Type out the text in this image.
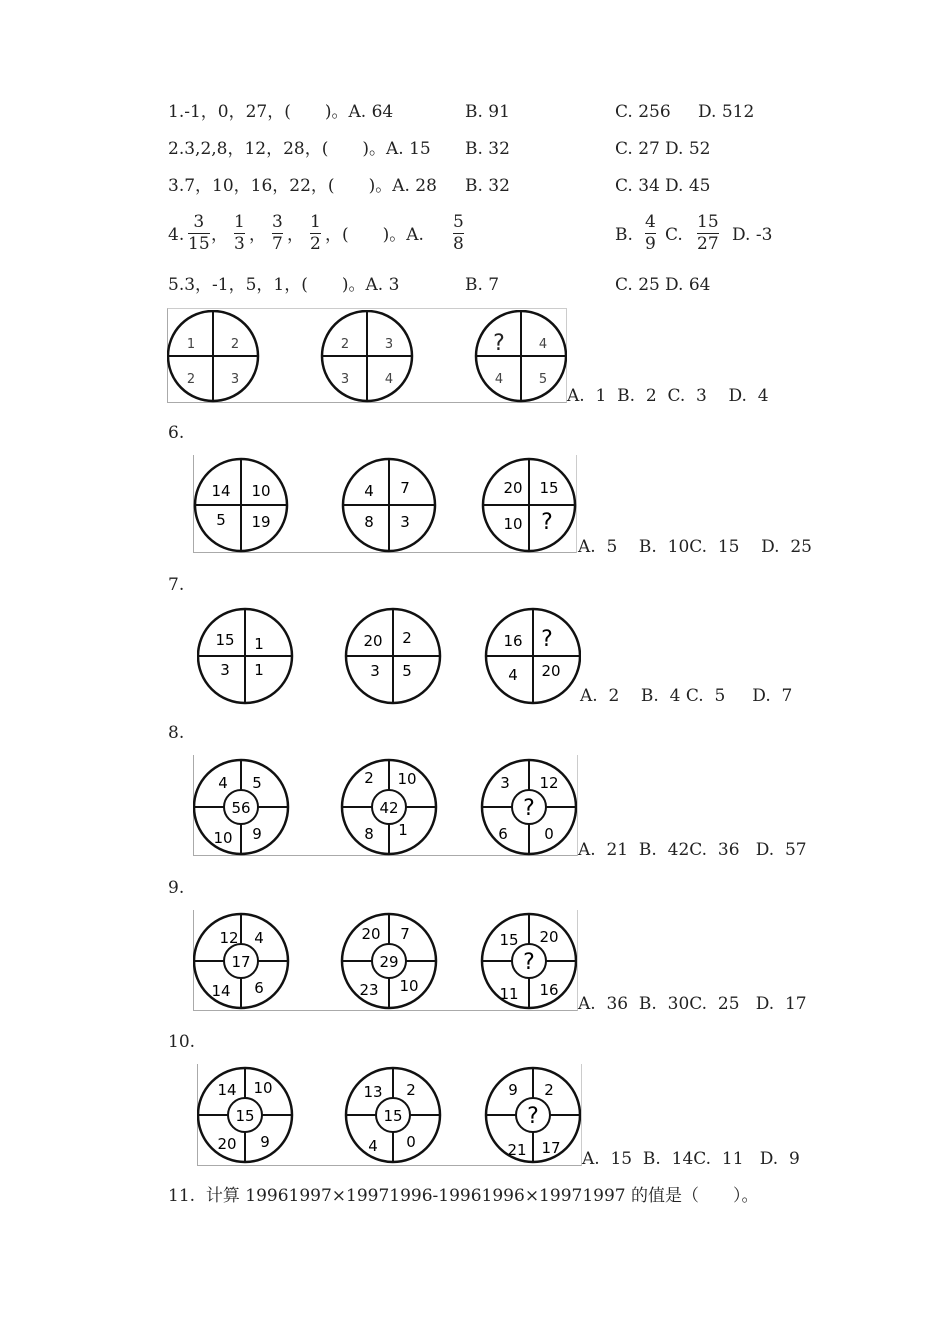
1.-1，0，27，(　　)。A. 64	B. 91	C. 256 D. 512
2.3,2,8，12，28，(　　)。A. 15 B. 32	C. 27 D. 52
3.7，10，16，22，(　　)。A. 28 B. 32	C. 34 D. 45
4.
3
15 ，
1
3 ，
3
7 ，
1
2 ，(　　)。A.
5
8	B.
4
9 C.
15
27 D. -3
5.3，-1，5，1，(　　)。A. 3	B. 7	C. 25 D. 64
1	2
2	3
2	3
3	4
?	4
4	5
A.  1  B.  2  C.  3    D.  4
6.
14 10
5 19
4 7
8 3
20 15
10 ?
A.  5    B.  10C.  15    D.  25
7.
15 1
3 1
20 2
3 5
16 ?
4 20
A.  2    B.  4 C.  5     D.  7
8.
4 5
10 9
56
2 10
8 1
42
3 12
6 0
?
A.  21  B.  42C.  36   D.  57
9.
12 4
14 6
17
20 7
23 10
29
15 20
11 16
?
A.  36  B.  30C.  25   D.  17
10.
14 10
20 9
15
13 2
4 0
15
9 2
21 17
?
A.  15  B.  14C.  11   D.  9
11.  计算 19961997×19971996-19961996×19971997 的值是（　　）。
